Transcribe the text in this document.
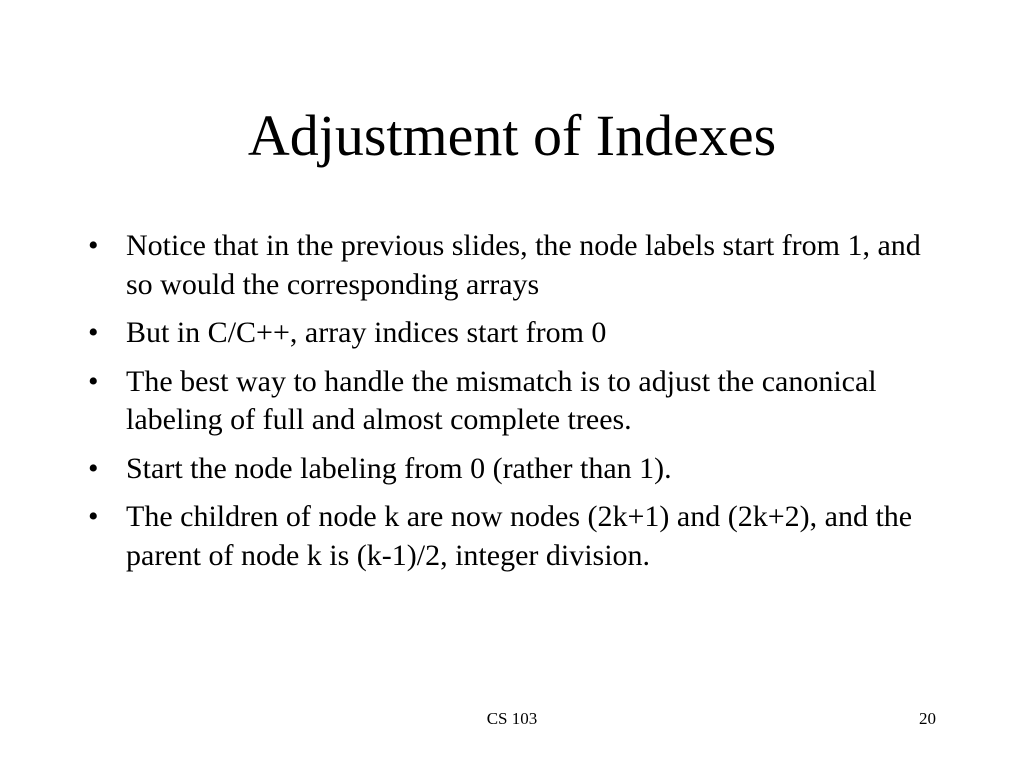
Adjustment of Indexes
• Notice that in the previous slides, the node labels start from 1, and so would the corresponding arrays
• But in C/C++, array indices start from 0
• The best way to handle the mismatch is to adjust the canonical labeling of full and almost complete trees.
• Start the node labeling from 0 (rather than 1).
• The children of node k are now nodes (2k+1) and (2k+2), and the parent of node k is (k-1)/2, integer division.
CS 103	20
